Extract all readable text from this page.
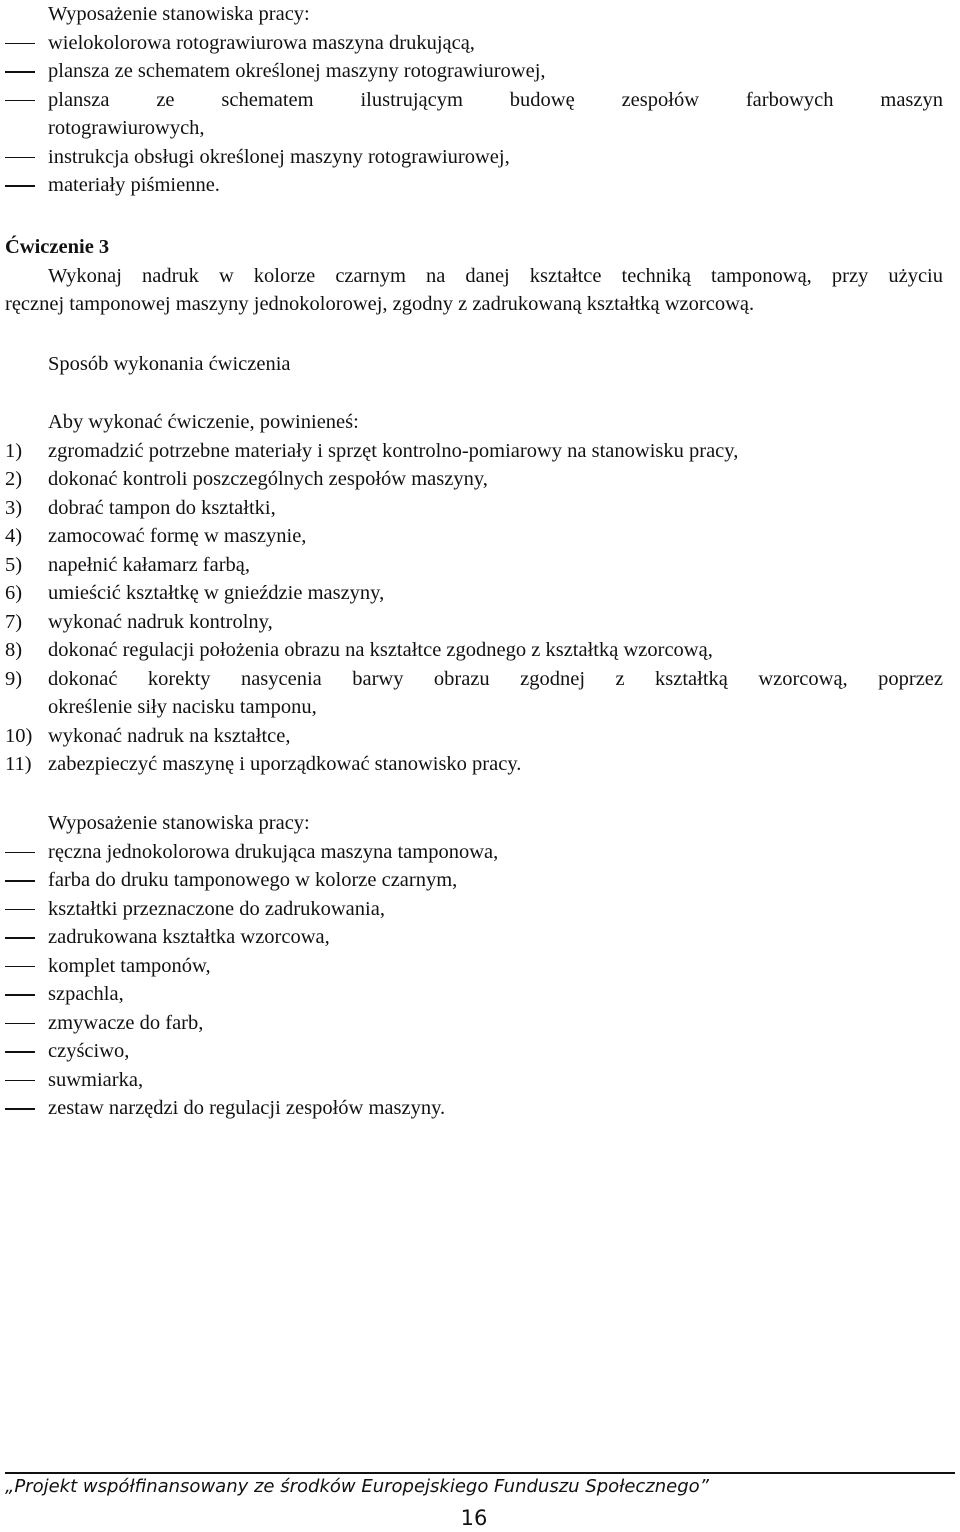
Wyposażenie stanowiska pracy:
wielokolorowa rotograwiurowa maszyna drukującą,
plansza ze schematem określonej maszyny rotograwiurowej,
plansza ze schematem ilustrującym budowę zespołów farbowych maszyn
rotograwiurowych,
instrukcja obsługi określonej maszyny rotograwiurowej,
materiały piśmienne.
Ćwiczenie 3
Wykonaj nadruk w kolorze czarnym na danej kształtce techniką tamponową, przy użyciu
ręcznej tamponowej maszyny jednokolorowej, zgodny z zadrukowaną kształtką wzorcową.
Sposób wykonania ćwiczenia
Aby wykonać ćwiczenie, powinieneś:
1) zgromadzić potrzebne materiały i sprzęt kontrolno-pomiarowy na stanowisku pracy,
2) dokonać kontroli poszczególnych zespołów maszyny,
3) dobrać tampon do kształtki,
4) zamocować formę w maszynie,
5) napełnić kałamarz farbą,
6) umieścić kształtkę w gnieździe maszyny,
7) wykonać nadruk kontrolny,
8) dokonać regulacji położenia obrazu na kształtce zgodnego z kształtką wzorcową,
9) dokonać korekty nasycenia barwy obrazu zgodnej z kształtką wzorcową, poprzez
określenie siły nacisku tamponu,
10) wykonać nadruk na kształtce,
11) zabezpieczyć maszynę i uporządkować stanowisko pracy.
Wyposażenie stanowiska pracy:
ręczna jednokolorowa drukująca maszyna tamponowa,
farba do druku tamponowego w kolorze czarnym,
kształtki przeznaczone do zadrukowania,
zadrukowana kształtka wzorcowa,
komplet tamponów,
szpachla,
zmywacze do farb,
czyściwo,
suwmiarka,
zestaw narzędzi do regulacji zespołów maszyny.
„Projekt współfinansowany ze środków Europejskiego Funduszu Społecznego”
16
